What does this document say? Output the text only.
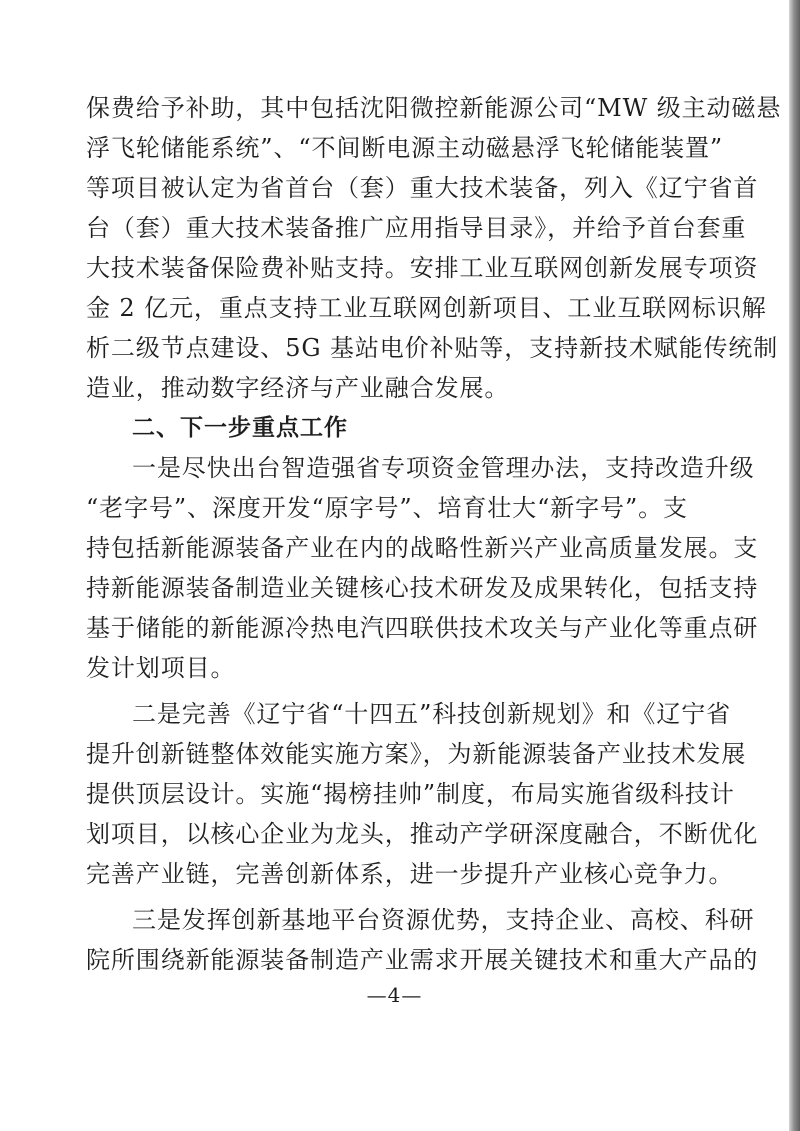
保费给予补助，其中包括沈阳微控新能源公司“MW 级主动磁悬
浮飞轮储能系统”、“不间断电源主动磁悬浮飞轮储能装置”
等项目被认定为省首台（套）重大技术装备，列入《辽宁省首
台（套）重大技术装备推广应用指导目录》，并给予首台套重
大技术装备保险费补贴支持。安排工业互联网创新发展专项资
金 2 亿元，重点支持工业互联网创新项目、工业互联网标识解
析二级节点建设、5G 基站电价补贴等，支持新技术赋能传统制
造业，推动数字经济与产业融合发展。
二、下一步重点工作
一是尽快出台智造强省专项资金管理办法，支持改造升级
“老字号”、深度开发“原字号”、培育壮大“新字号”。支
持包括新能源装备产业在内的战略性新兴产业高质量发展。支
持新能源装备制造业关键核心技术研发及成果转化，包括支持
基于储能的新能源冷热电汽四联供技术攻关与产业化等重点研
发计划项目。
二是完善《辽宁省“十四五”科技创新规划》和《辽宁省
提升创新链整体效能实施方案》，为新能源装备产业技术发展
提供顶层设计。实施“揭榜挂帅”制度，布局实施省级科技计
划项目，以核心企业为龙头，推动产学研深度融合，不断优化
完善产业链，完善创新体系，进一步提升产业核心竞争力。
三是发挥创新基地平台资源优势，支持企业、高校、科研
院所围绕新能源装备制造产业需求开展关键技术和重大产品的
—4—
